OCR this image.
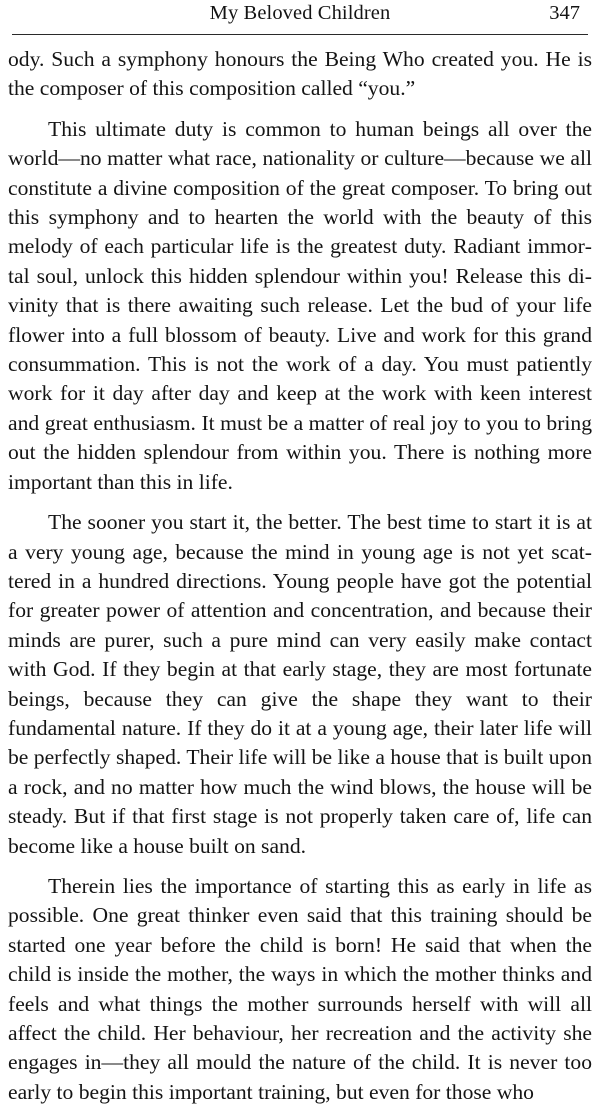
My Beloved Children	347

ody. Such a symphony honours the Being Who created you. He is the composer of this composition called “you.”

This ultimate duty is common to human beings all over the world—no matter what race, nationality or culture—because we all constitute a divine composition of the great composer. To bring out this symphony and to hearten the world with the beauty of this melody of each particular life is the greatest duty. Radiant immortal soul, unlock this hidden splendour within you! Release this divinity that is there awaiting such release. Let the bud of your life flower into a full blossom of beauty. Live and work for this grand consummation. This is not the work of a day. You must patiently work for it day after day and keep at the work with keen interest and great enthusiasm. It must be a matter of real joy to you to bring out the hidden splendour from within you. There is nothing more important than this in life.

The sooner you start it, the better. The best time to start it is at a very young age, because the mind in young age is not yet scattered in a hundred directions. Young people have got the potential for greater power of attention and concentration, and because their minds are purer, such a pure mind can very easily make contact with God. If they begin at that early stage, they are most fortunate beings, because they can give the shape they want to their fundamental nature. If they do it at a young age, their later life will be perfectly shaped. Their life will be like a house that is built upon a rock, and no matter how much the wind blows, the house will be steady. But if that first stage is not properly taken care of, life can become like a house built on sand.

Therein lies the importance of starting this as early in life as possible. One great thinker even said that this training should be started one year before the child is born! He said that when the child is inside the mother, the ways in which the mother thinks and feels and what things the mother surrounds herself with will all affect the child. Her behaviour, her recreation and the activity she engages in—they all mould the nature of the child. It is never too early to begin this important training, but even for those who
